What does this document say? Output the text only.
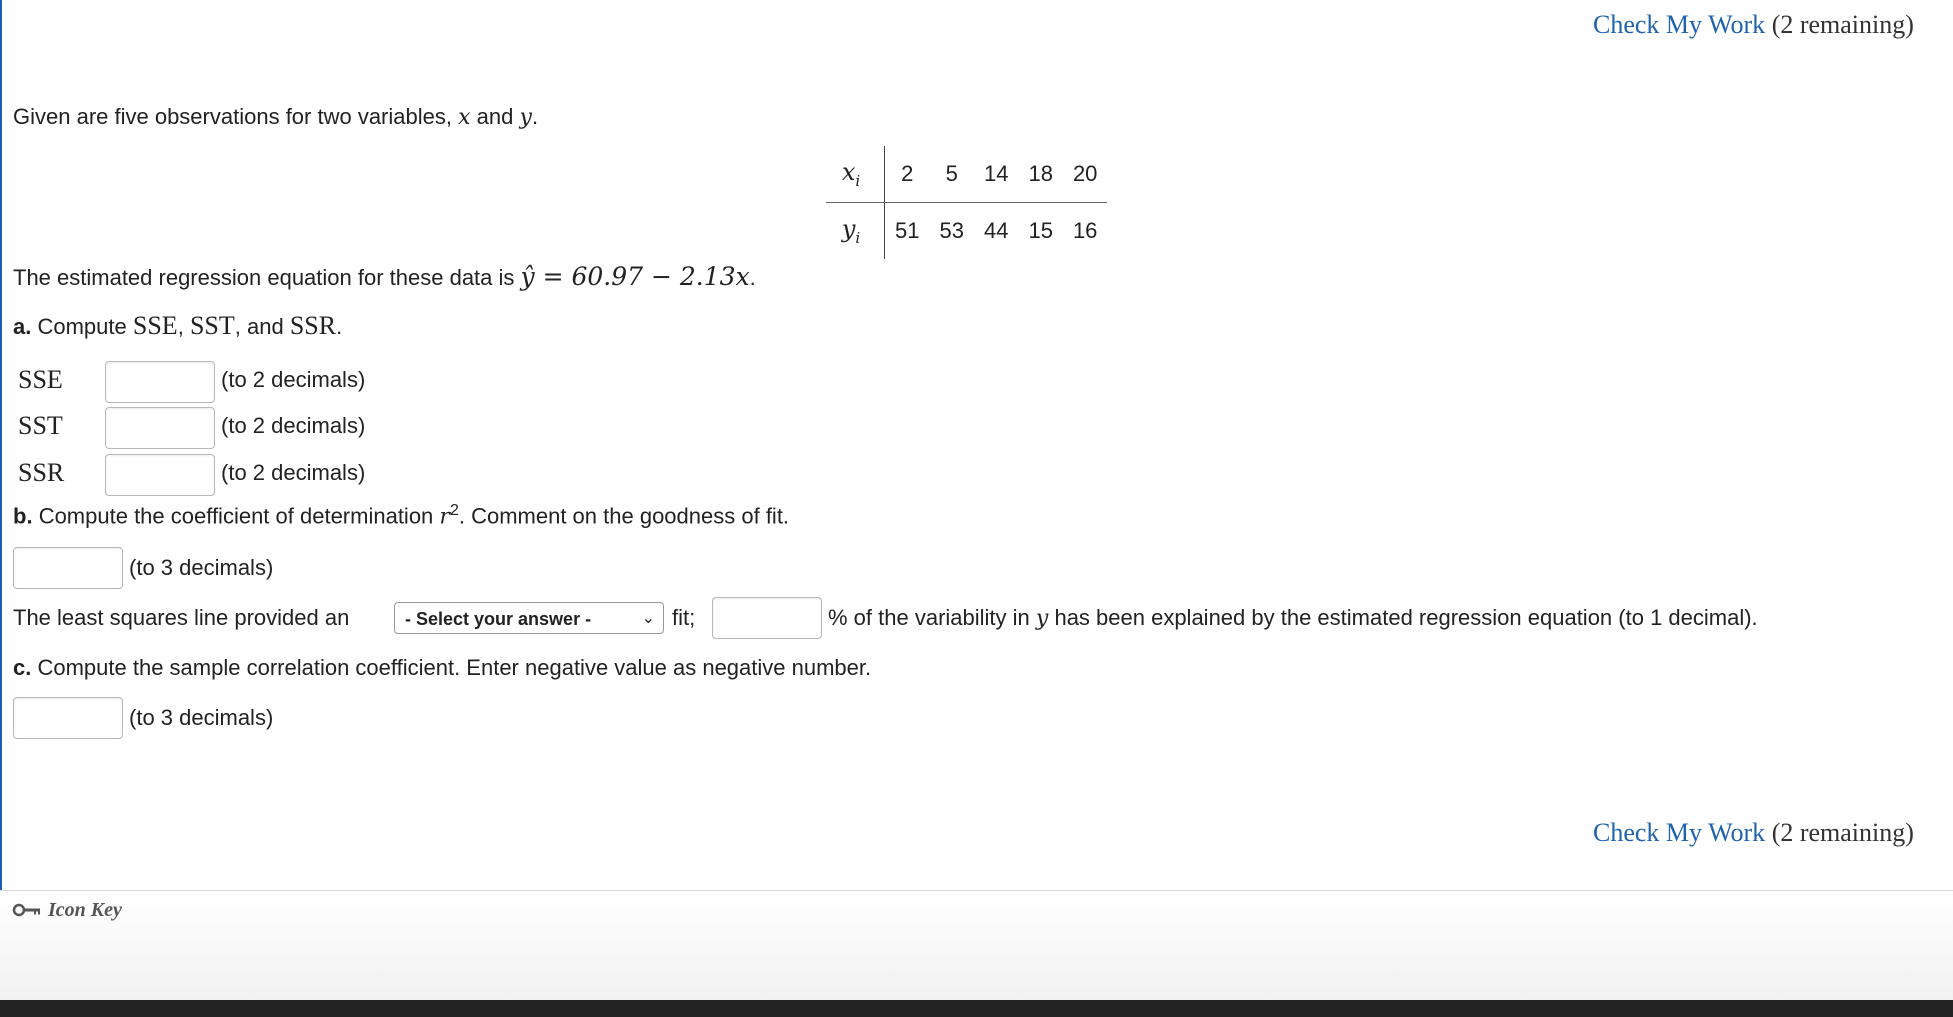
Check My Work (2 remaining)
Given are five observations for two variables, x and y.
$x_i$	2	5	14	18	20
$y_i$	51	53	44	15	16
The estimated regression equation for these data is ŷ = 60.97 − 2.13x.
a. Compute SSE, SST, and SSR.
SSE	(to 2 decimals)
SST	(to 2 decimals)
SSR	(to 2 decimals)
b. Compute the coefficient of determination $r^2$. Comment on the goodness of fit.
(to 3 decimals)
The least squares line provided an	- Select your answer -	⌄ fit;	% of the variability in y has been explained by the estimated regression equation (to 1 decimal).
c. Compute the sample correlation coefficient. Enter negative value as negative number.
(to 3 decimals)
Check My Work (2 remaining)
Icon Key
